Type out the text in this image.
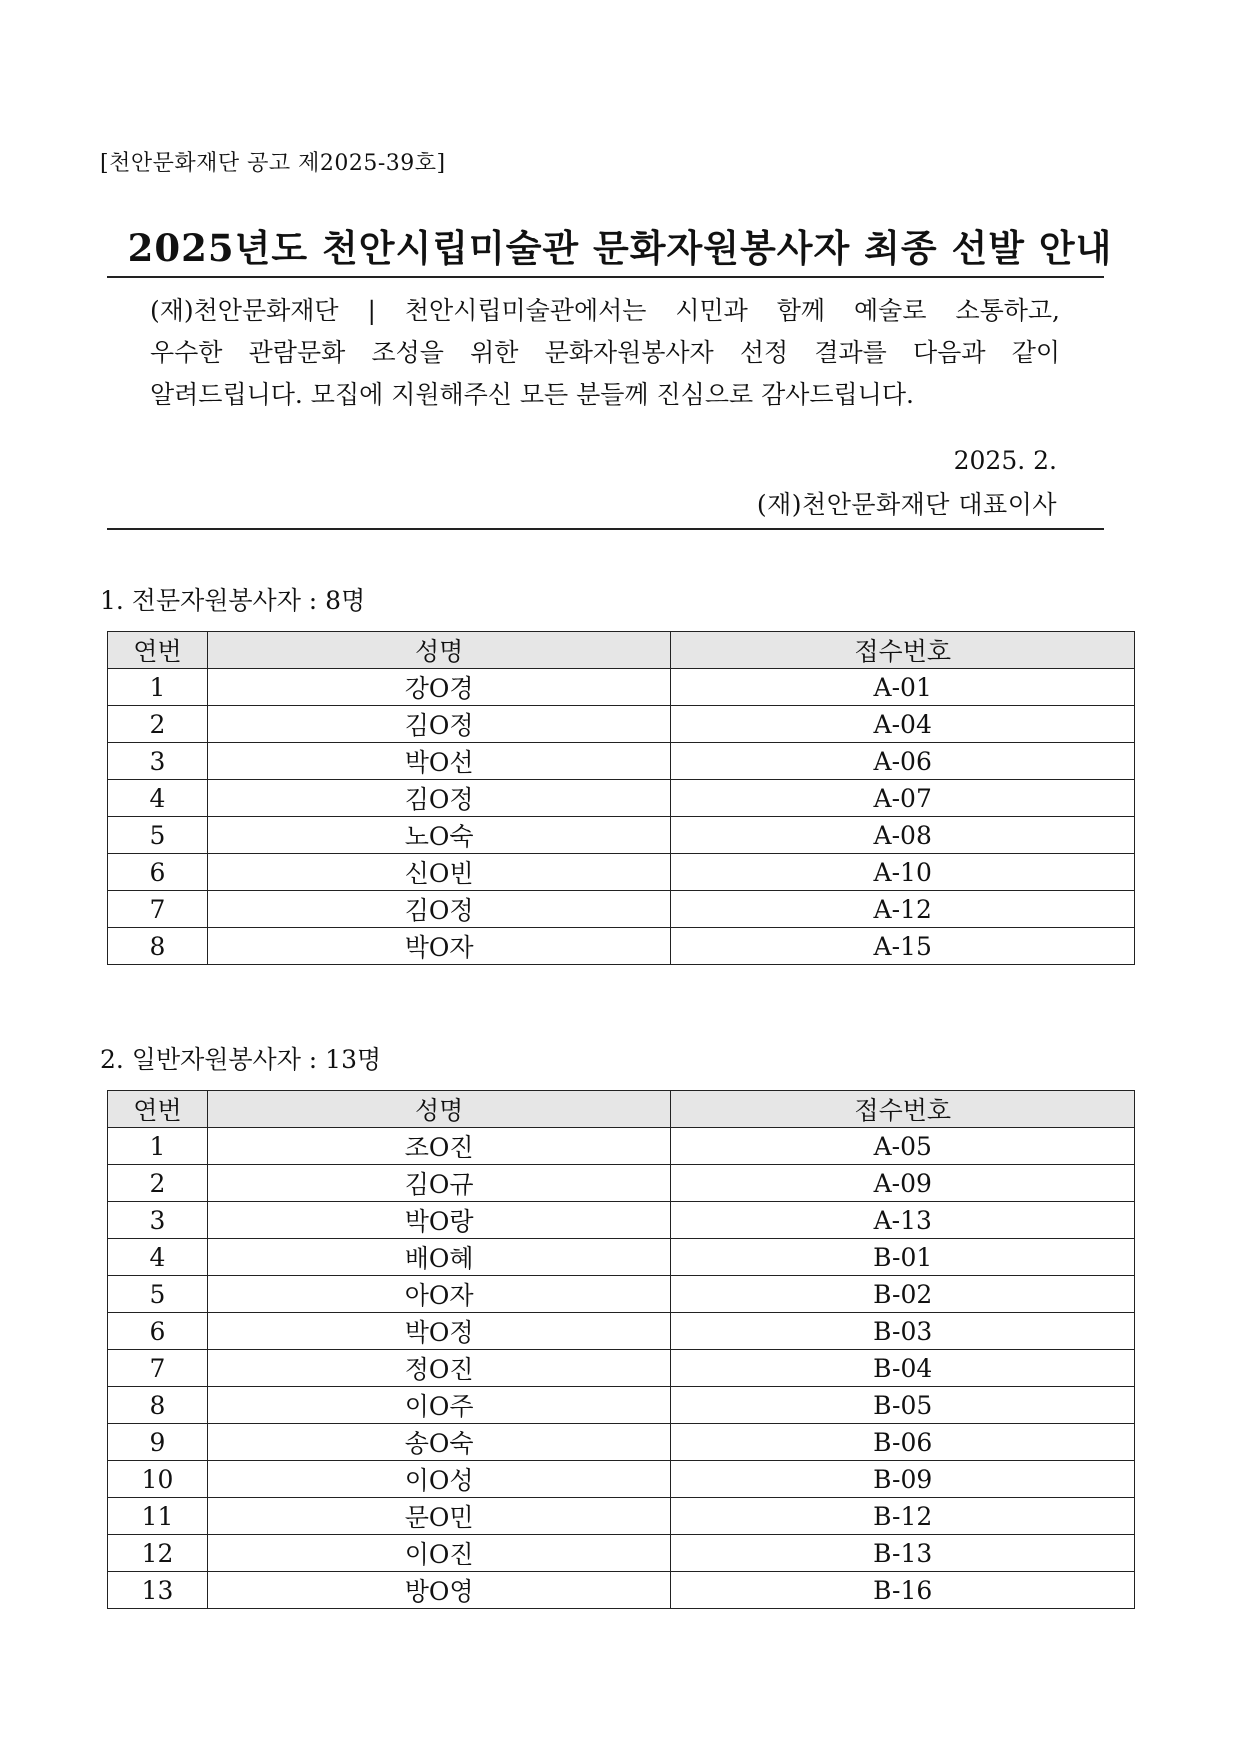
[천안문화재단 공고 제2025-39호]
2025년도 천안시립미술관 문화자원봉사자 최종 선발 안내
(재)천안문화재단 | 천안시립미술관에서는 시민과 함께 예술로 소통하고,
우수한 관람문화 조성을 위한 문화자원봉사자 선정 결과를 다음과 같이
알려드립니다. 모집에 지원해주신 모든 분들께 진심으로 감사드립니다.
2025. 2.
(재)천안문화재단 대표이사
1. 전문자원봉사자 : 8명
연번	성명	접수번호
1	강O경	A-01
2	김O정	A-04
3	박O선	A-06
4	김O정	A-07
5	노O숙	A-08
6	신O빈	A-10
7	김O정	A-12
8	박O자	A-15
2. 일반자원봉사자 : 13명
연번	성명	접수번호
1	조O진	A-05
2	김O규	A-09
3	박O랑	A-13
4	배O혜	B-01
5	아O자	B-02
6	박O정	B-03
7	정O진	B-04
8	이O주	B-05
9	송O숙	B-06
10	이O성	B-09
11	문O민	B-12
12	이O진	B-13
13	방O영	B-16
